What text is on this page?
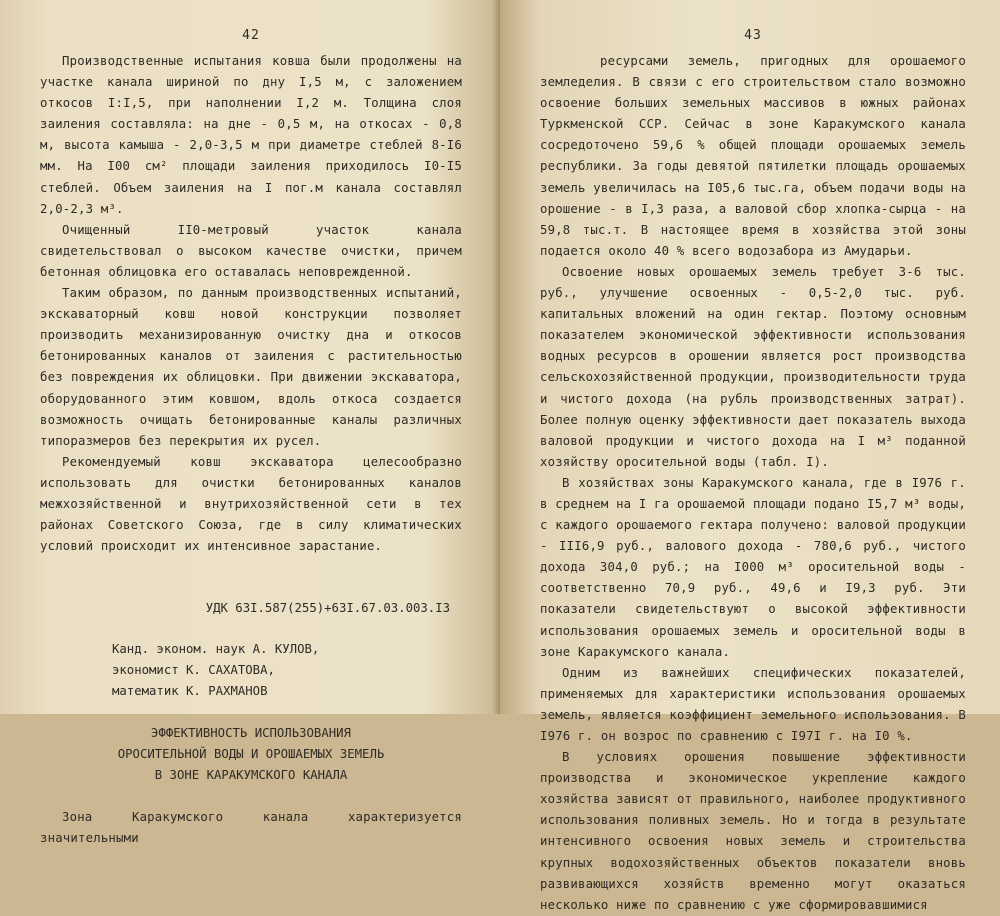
42

Производственные испытания ковша были продолжены на участке канала шириной по дну I,5 м, с заложением откосов I:I,5, при наполнении I,2 м. Толщина слоя заиления составляла: на дне - 0,5 м, на откосах - 0,8 м, высота камыша - 2,0-3,5 м при диаметре стеблей 8-I6 мм. На I00 см² площади заиления приходилось I0-I5 стеблей. Объем заиления на I пог.м канала составлял 2,0-2,3 м³.

Очищенный II0-метровый участок канала свидетельствовал о высоком качестве очистки, причем бетонная облицовка его оставалась неповрежденной.

Таким образом, по данным производственных испытаний, экскаваторный ковш новой конструкции позволяет производить механизированную очистку дна и откосов бетонированных каналов от заиления с растительностью без повреждения их облицовки. При движении экскаватора, оборудованного этим ковшом, вдоль откоса создается возможность очищать бетонированные каналы различных типоразмеров без перекрытия их русел.

Рекомендуемый ковш экскаватора целесообразно использовать для очистки бетонированных каналов межхозяйственной и внутрихозяйственной сети в тех районах Советского Союза, где в силу климатических условий происходит их интенсивное зарастание.

УДК 63I.587(255)+63I.67.03.003.I3
Канд. эконом. наук А. КУЛОВ,
экономист К. САХАТОВА,
математик К. РАХМАНОВ
ЭФФЕКТИВНОСТЬ ИСПОЛЬЗОВАНИЯ
ОРОСИТЕЛЬНОЙ ВОДЫ И ОРОШАЕМЫХ ЗЕМЕЛЬ
В ЗОНЕ КАРАКУМСКОГО КАНАЛА

Зона Каракумского канала характеризуется значительными

43

ресурсами земель, пригодных для орошаемого земледелия. В связи с его строительством стало возможно освоение больших земельных массивов в южных районах Туркменской ССР. Сейчас в зоне Каракумского канала сосредоточено 59,6 % общей площади орошаемых земель республики. За годы девятой пятилетки площадь орошаемых земель увеличилась на I05,6 тыс.га, объем подачи воды на орошение - в I,3 раза, а валовой сбор хлопка-сырца - на 59,8 тыс.т. В настоящее время в хозяйства этой зоны подается около 40 % всего водозабора из Амударьи.

Освоение новых орошаемых земель требует 3-6 тыс. руб., улучшение освоенных - 0,5-2,0 тыс. руб. капитальных вложений на один гектар. Поэтому основным показателем экономической эффективности использования водных ресурсов в орошении является рост производства сельскохозяйственной продукции, производительности труда и чистого дохода (на рубль производственных затрат). Более полную оценку эффективности дает показатель выхода валовой продукции и чистого дохода на I м³ поданной хозяйству оросительной воды (табл. I).

В хозяйствах зоны Каракумского канала, где в I976 г. в среднем на I га орошаемой площади подано I5,7 м³ воды, с каждого орошаемого гектара получено: валовой продукции - III6,9 руб., валового дохода - 780,6 руб., чистого дохода 304,0 руб.; на I000 м³ оросительной воды - соответственно 70,9 руб., 49,6 и I9,3 руб. Эти показатели свидетельствуют о высокой эффективности использования орошаемых земель и оросительной воды в зоне Каракумского канала.

Одним из важнейших специфических показателей, применяемых для характеристики использования орошаемых земель, является коэффициент земельного использования. В I976 г. он возрос по сравнению с I97I г. на I0 %.

В условиях орошения повышение эффективности производства и экономическое укрепление каждого хозяйства зависят от правильного, наиболее продуктивного использования поливных земель. Но и тогда в результате интенсивного освоения новых земель и строительства крупных водохозяйственных объектов показатели вновь развивающихся хозяйств временно могут оказаться несколько ниже по сравнению с уже сформировавшимися
